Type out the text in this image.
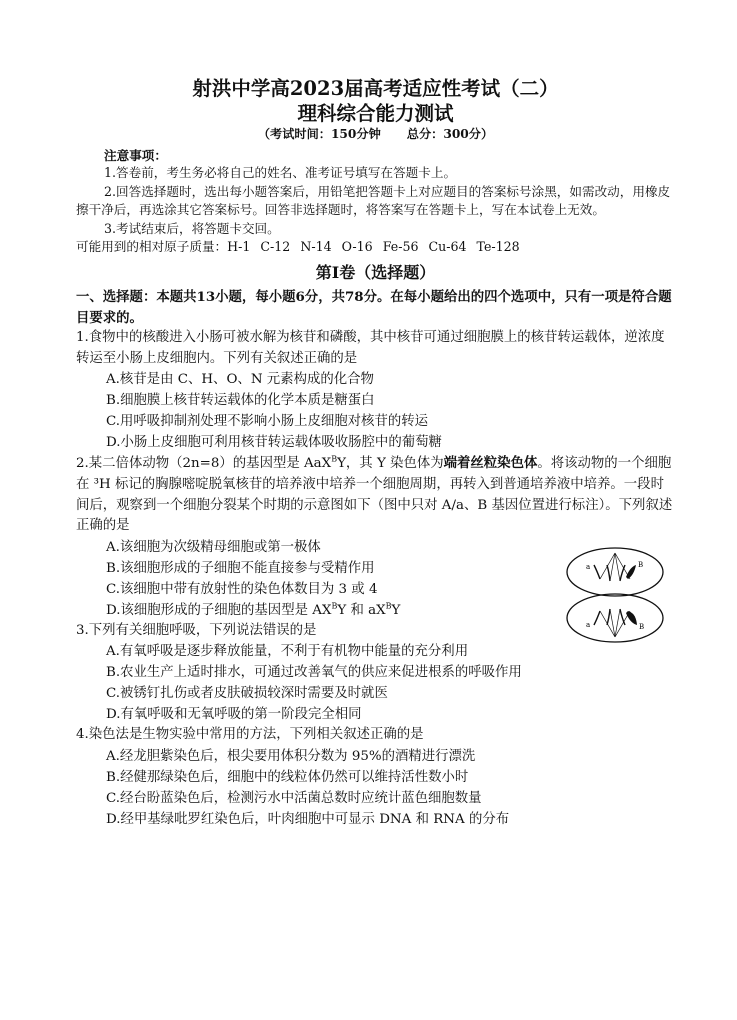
射洪中学高2023届高考适应性考试（二）
理科综合能力测试
（考试时间：150分钟 总分：300分）
注意事项：

1.答卷前，考生务必将自己的姓名、准考证号填写在答题卡上。

2.回答选择题时，选出每小题答案后，用铅笔把答题卡上对应题目的答案标号涂黑，如需改动，用橡皮擦干净后，再选涂其它答案标号。回答非选择题时，将答案写在答题卡上，写在本试卷上无效。

3.考试结束后，将答题卡交回。

可能用到的相对原子质量：H-1 C-12 N-14 O-16 Fe-56 Cu-64 Te-128

第Ⅰ卷（选择题）

一、选择题：本题共13小题，每小题6分，共78分。在每小题给出的四个选项中，只有一项是符合题目要求的。

1.食物中的核酸进入小肠可被水解为核苷和磷酸，其中核苷可通过细胞膜上的核苷转运载体，逆浓度转运至小肠上皮细胞内。下列有关叙述正确的是

A.核苷是由 C、H、O、N 元素构成的化合物

B.细胞膜上核苷转运载体的化学本质是糖蛋白

C.用呼吸抑制剂处理不影响小肠上皮细胞对核苷的转运

D.小肠上皮细胞可利用核苷转运载体吸收肠腔中的葡萄糖

2.某二倍体动物（2n=8）的基因型是 AaX$^B$Y，其 Y 染色体为端着丝粒染色体。将该动物的一个细胞在 ³H 标记的胸腺嘧啶脱氧核苷的培养液中培养一个细胞周期，再转入到普通培养液中培养。一段时间后，观察到一个细胞分裂某个时期的示意图如下（图中只对 A/a、B 基因位置进行标注）。下列叙述正确的是

A.该细胞为次级精母细胞或第一极体

B.该细胞形成的子细胞不能直接参与受精作用

C.该细胞中带有放射性的染色体数目为 3 或 4

D.该细胞形成的子细胞的基因型是 $AX^BY$ 和 $aX^BY$

a	B
a	B

3.下列有关细胞呼吸，下列说法错误的是

A.有氧呼吸是逐步释放能量，不利于有机物中能量的充分利用

B.农业生产上适时排水，可通过改善氧气的供应来促进根系的呼吸作用

C.被锈钉扎伤或者皮肤破损较深时需要及时就医

D.有氧呼吸和无氧呼吸的第一阶段完全相同

4.染色法是生物实验中常用的方法，下列相关叙述正确的是

A.经龙胆紫染色后，根尖要用体积分数为 95%的酒精进行漂洗

B.经健那绿染色后，细胞中的线粒体仍然可以维持活性数小时

C.经台盼蓝染色后，检测污水中活菌总数时应统计蓝色细胞数量

D.经甲基绿吡罗红染色后，叶肉细胞中可显示 DNA 和 RNA 的分布
